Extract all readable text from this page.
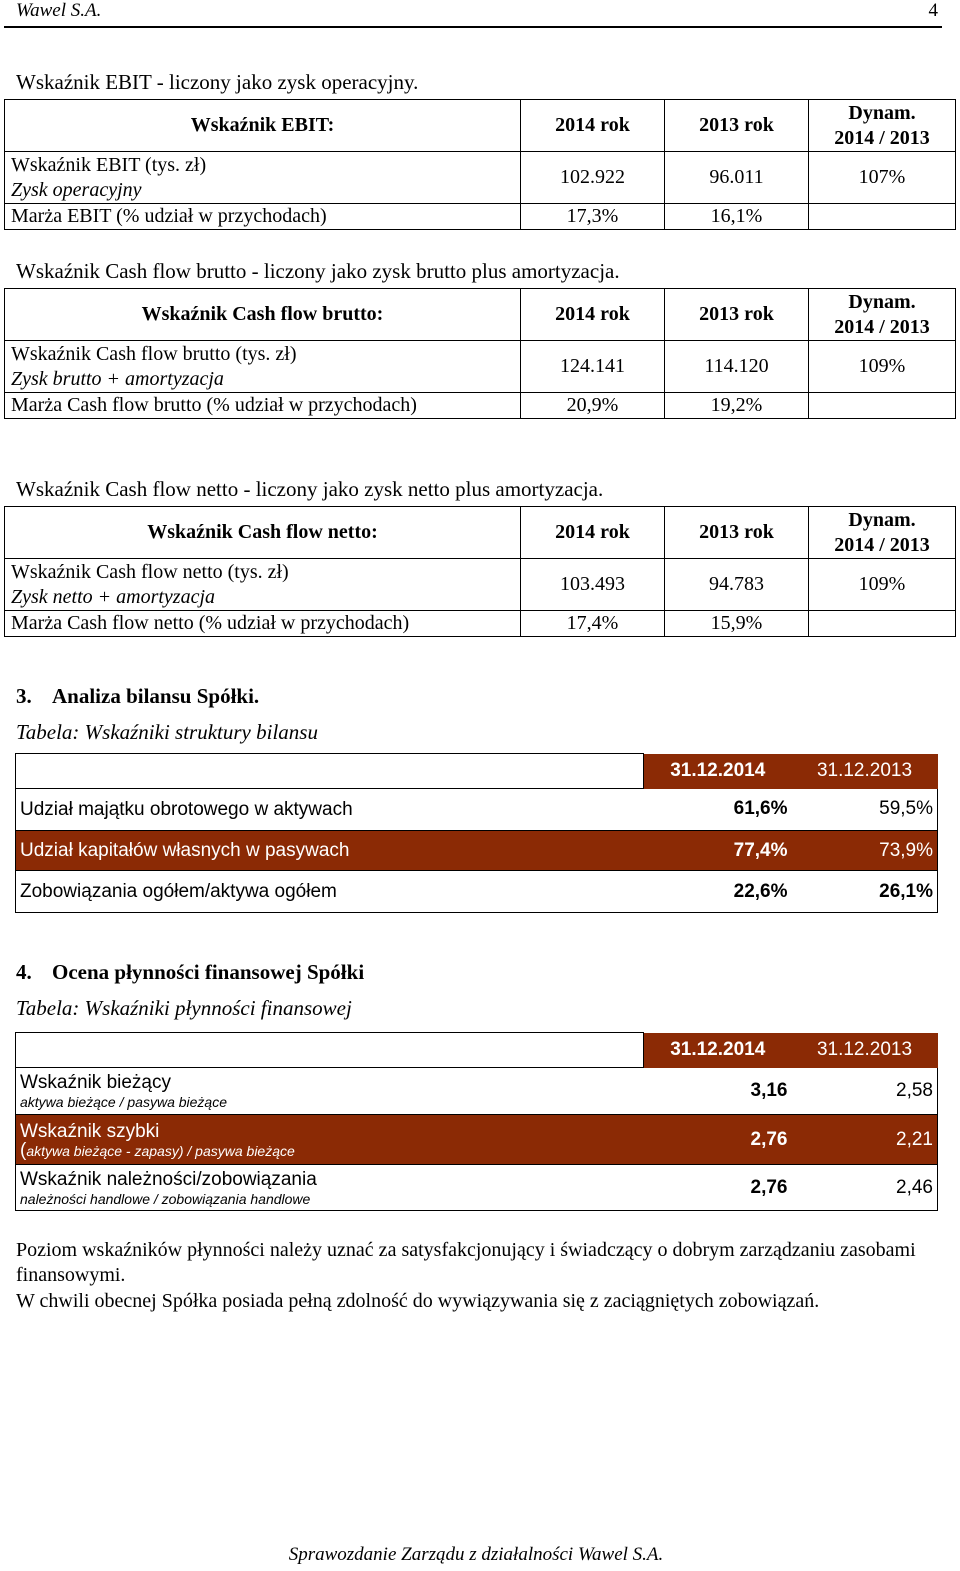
Wawel S.A.	4
Wskaźnik EBIT - liczony jako zysk operacyjny.
Wskaźnik EBIT:	2014 rok	2013 rok	Dynam.
2014 / 2013
Wskaźnik EBIT (tys. zł)
Zysk operacyjny	102.922	96.011	107%
Marża EBIT (% udział w przychodach)	17,3%	16,1%	
Wskaźnik Cash flow brutto - liczony jako zysk brutto plus amortyzacja.
Wskaźnik Cash flow brutto:	2014 rok	2013 rok	Dynam.
2014 / 2013
Wskaźnik Cash flow brutto (tys. zł)
Zysk brutto + amortyzacja	124.141	114.120	109%
Marża Cash flow brutto (% udział w przychodach)	20,9%	19,2%	
Wskaźnik Cash flow netto - liczony jako zysk netto plus amortyzacja.
Wskaźnik Cash flow netto:	2014 rok	2013 rok	Dynam.
2014 / 2013
Wskaźnik Cash flow netto (tys. zł)
Zysk netto + amortyzacja	103.493	94.783	109%
Marża Cash flow netto (% udział w przychodach)	17,4%	15,9%	
3. Analiza bilansu Spółki.
Tabela: Wskaźniki struktury bilansu
	31.12.2014	31.12.2013
Udział majątku obrotowego w aktywach	61,6%	59,5%
Udział kapitałów własnych w pasywach	77,4%	73,9%
Zobowiązania ogółem/aktywa ogółem	22,6%	26,1%
4. Ocena płynności finansowej Spółki
Tabela: Wskaźniki płynności finansowej
	31.12.2014	31.12.2013

Wskaźnik bieżący
aktywa bieżące / pasywa bieżące	3,16	2,58

Wskaźnik szybki
(aktywa bieżące - zapasy) / pasywa bieżące	2,76	2,21

Wskaźnik należności/zobowiązania
należności handlowe / zobowiązania handlowe	2,76	2,46
Poziom wskaźników płynności należy uznać za satysfakcjonujący i świadczący o dobrym zarządzaniu zasobami finansowymi.
W chwili obecnej Spółka posiada pełną zdolność do wywiązywania się z zaciągniętych zobowiązań.
Sprawozdanie Zarządu z działalności Wawel S.A.
